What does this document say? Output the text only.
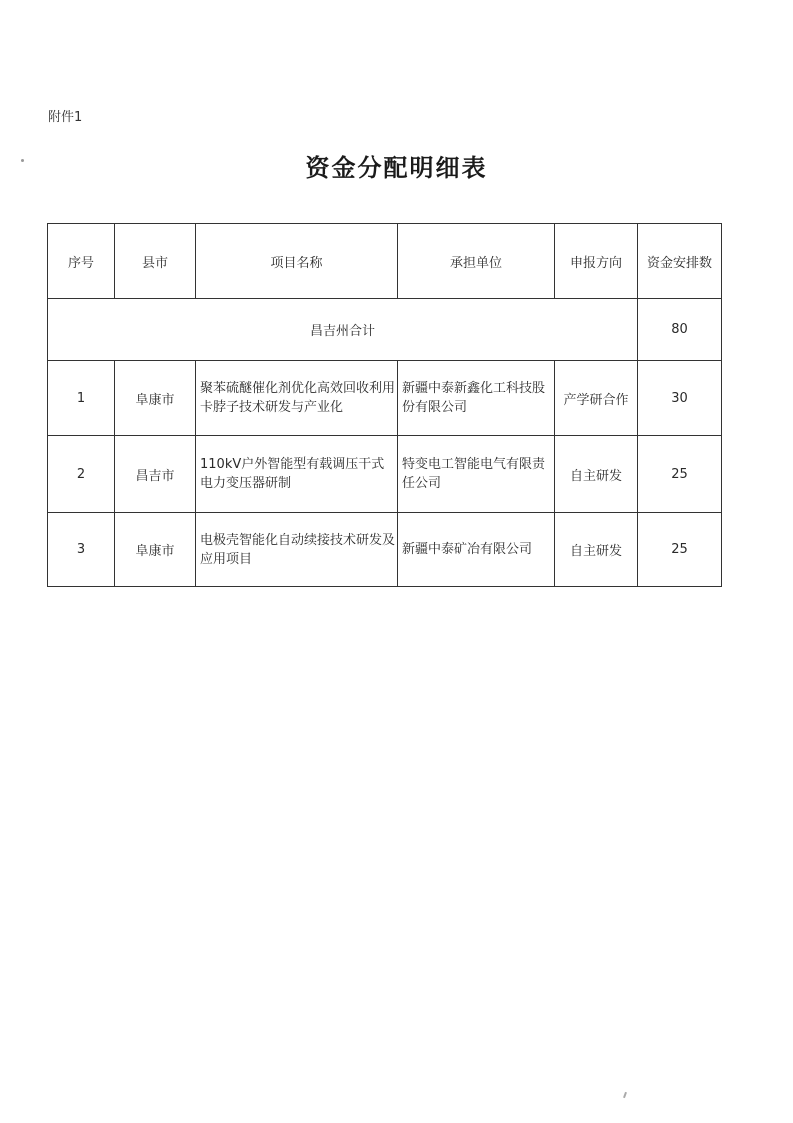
附件1
资金分配明细表
序号	县市	项目名称	承担单位	申报方向	资金安排数
昌吉州合计					80
1	阜康市	聚苯硫醚催化剂优化高效回收利用卡脖子技术研发与产业化	新疆中泰新鑫化工科技股份有限公司	产学研合作	30
2	昌吉市	110kV户外智能型有载调压干式电力变压器研制	特变电工智能电气有限责任公司	自主研发	25
3	阜康市	电极壳智能化自动续接技术研发及应用项目	新疆中泰矿冶有限公司	自主研发	25
